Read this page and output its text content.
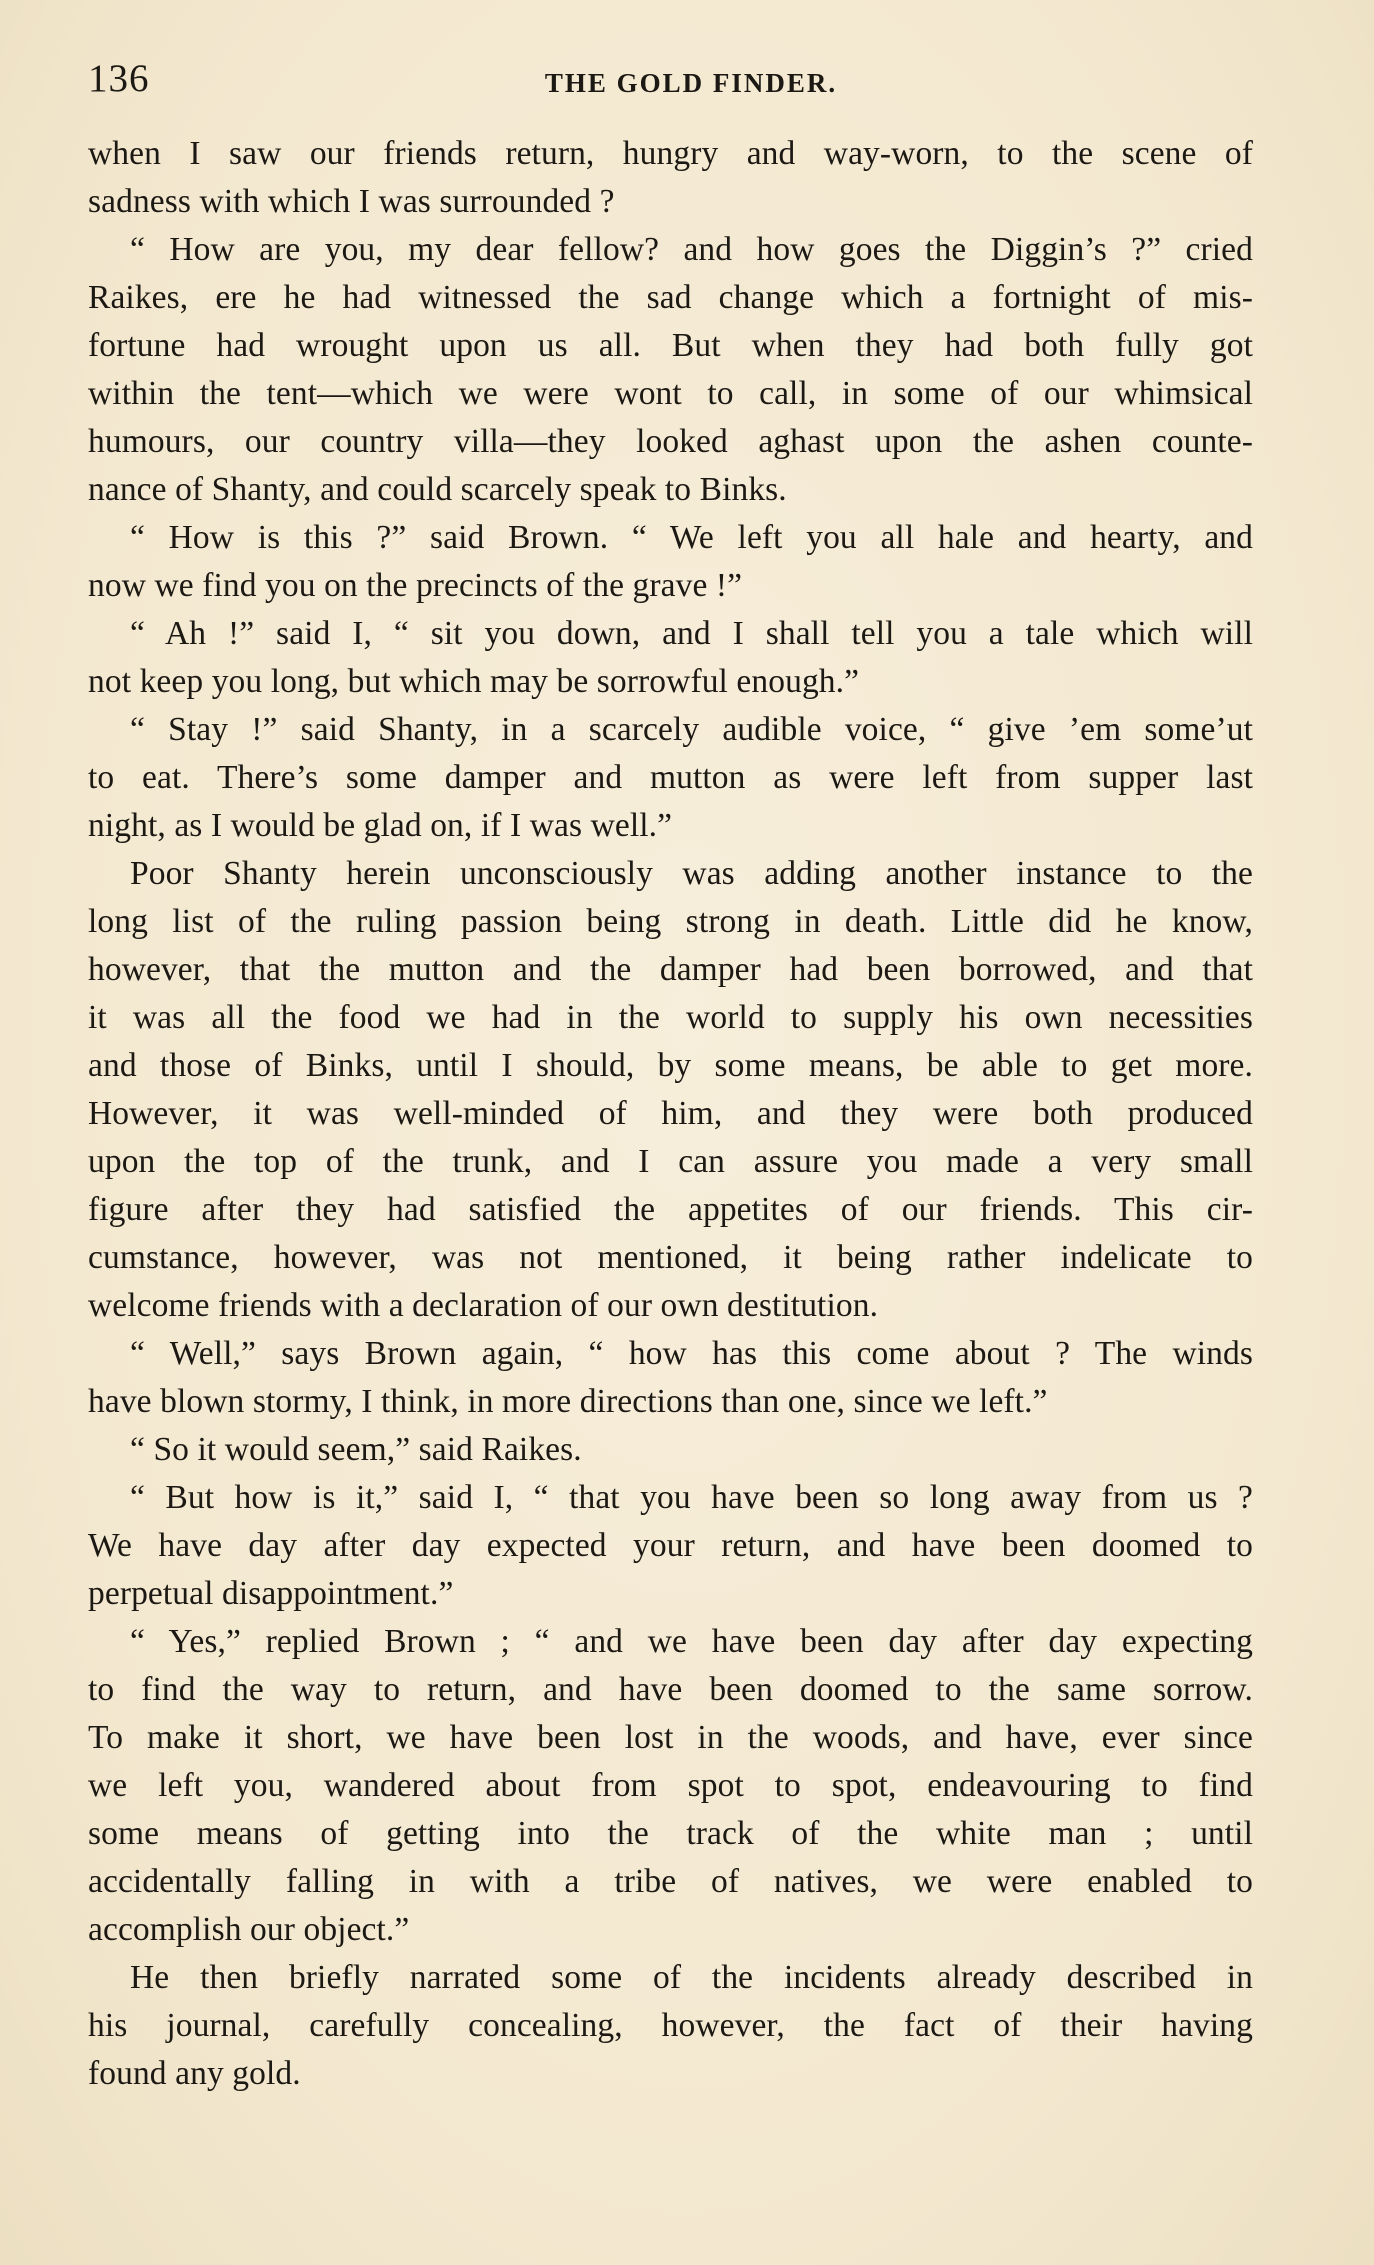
136	THE GOLD FINDER.
when I saw our friends return, hungry and way-worn, to the scene of
sadness with which I was surrounded ?
“ How are you, my dear fellow? and how goes the Diggin’s ?” cried
Raikes, ere he had witnessed the sad change which a fortnight of mis-
fortune had wrought upon us all. But when they had both fully got
within the tent—which we were wont to call, in some of our whimsical
humours, our country villa—they looked aghast upon the ashen counte-
nance of Shanty, and could scarcely speak to Binks.
“ How is this ?” said Brown. “ We left you all hale and hearty, and
now we find you on the precincts of the grave !”
“ Ah !” said I, “ sit you down, and I shall tell you a tale which will
not keep you long, but which may be sorrowful enough.”
“ Stay !” said Shanty, in a scarcely audible voice, “ give ’em some’ut
to eat. There’s some damper and mutton as were left from supper last
night, as I would be glad on, if I was well.”
Poor Shanty herein unconsciously was adding another instance to the
long list of the ruling passion being strong in death. Little did he know,
however, that the mutton and the damper had been borrowed, and that
it was all the food we had in the world to supply his own necessities
and those of Binks, until I should, by some means, be able to get more.
However, it was well-minded of him, and they were both produced
upon the top of the trunk, and I can assure you made a very small
figure after they had satisfied the appetites of our friends. This cir-
cumstance, however, was not mentioned, it being rather indelicate to
welcome friends with a declaration of our own destitution.
“ Well,” says Brown again, “ how has this come about ? The winds
have blown stormy, I think, in more directions than one, since we left.”
“ So it would seem,” said Raikes.
“ But how is it,” said I, “ that you have been so long away from us ?
We have day after day expected your return, and have been doomed to
perpetual disappointment.”
“ Yes,” replied Brown ; “ and we have been day after day expecting
to find the way to return, and have been doomed to the same sorrow.
To make it short, we have been lost in the woods, and have, ever since
we left you, wandered about from spot to spot, endeavouring to find
some means of getting into the track of the white man ; until
accidentally falling in with a tribe of natives, we were enabled to
accomplish our object.”
He then briefly narrated some of the incidents already described in
his journal, carefully concealing, however, the fact of their having
found any gold.
